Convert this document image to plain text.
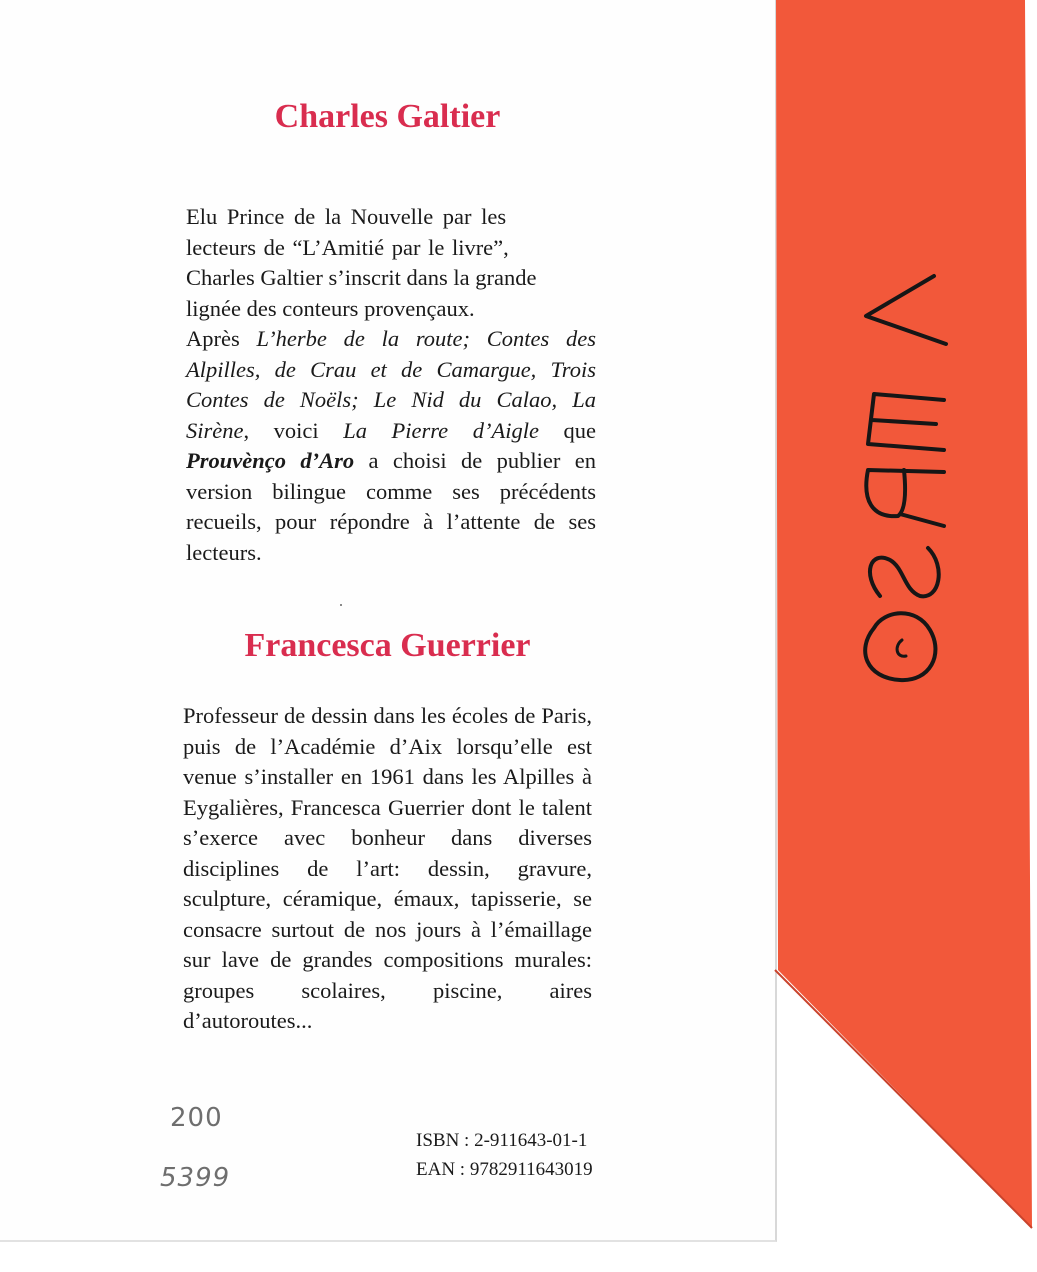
Charles Galtier
Elu Prince de la Nouvelle par les
lecteurs de “L’Amitié par le livre”,
Charles Galtier s’inscrit dans la grande
lignée des conteurs provençaux.
Après L’herbe de la route; Contes des Alpilles, de Crau et de Camargue, Trois Contes de Noëls; Le Nid du Calao, La Sirène, voici La Pierre d’Aigle que Prouvènço d’Aro a choisi de publier en version bilingue comme ses précédents recueils, pour répondre à l’attente de ses lecteurs.
Francesca Guerrier

Professeur de dessin dans les écoles de Paris, puis de l’Académie d’Aix lorsqu’elle est venue s’installer en 1961 dans les Alpilles à Eygalières, Francesca Guerrier dont le talent s’exerce avec bonheur dans diverses disciplines de l’art: dessin, gravure, sculpture, céramique, émaux, tapisserie, se consacre surtout de nos jours à l’émaillage sur lave de grandes compositions murales: groupes scolaires, piscine, aires d’autoroutes...

200
5399
ISBN : 2-911643-01-1
EAN : 9782911643019
